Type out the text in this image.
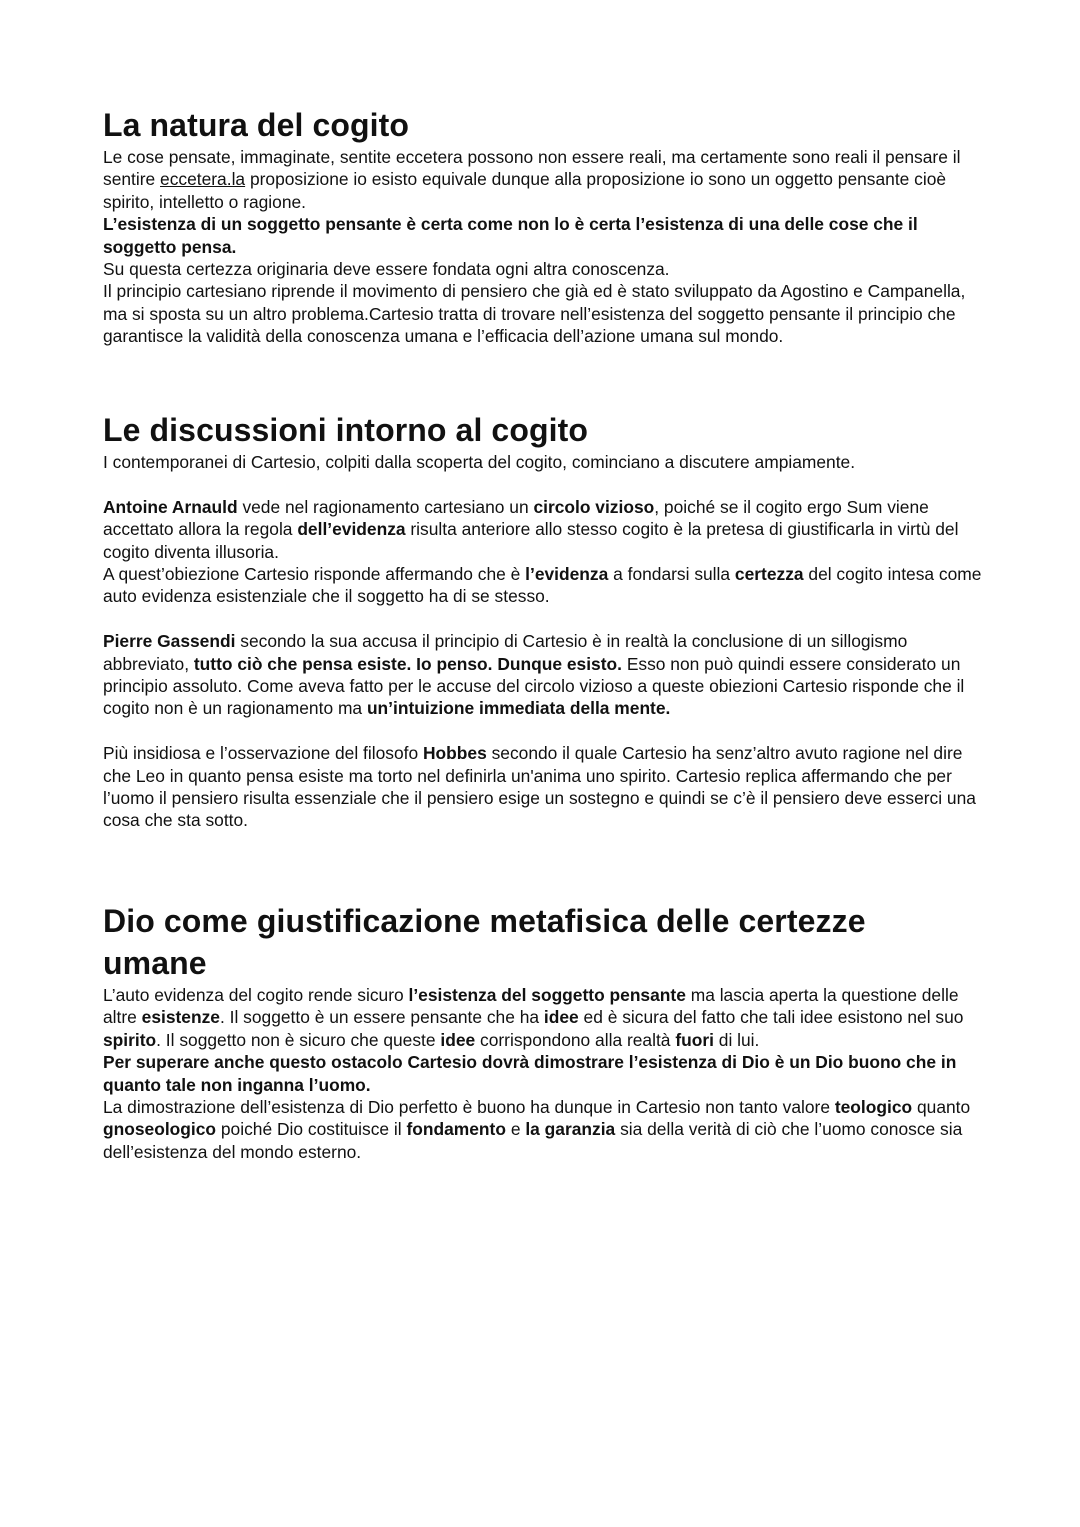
La natura del cogito

Le cose pensate, immaginate, sentite eccetera possono non essere reali, ma certamente sono reali il pensare il sentire eccetera.la proposizione io esisto equivale dunque alla proposizione io sono un oggetto pensante cioè spirito, intelletto o ragione.

L’esistenza di un soggetto pensante è certa come non lo è certa l’esistenza di una delle cose che il soggetto pensa.

Su questa certezza originaria deve essere fondata ogni altra conoscenza.

Il principio cartesiano riprende il movimento di pensiero che già ed è stato sviluppato da Agostino e Campanella, ma si sposta su un altro problema.Cartesio tratta di trovare nell’esistenza del soggetto pensante il principio che garantisce la validità della conoscenza umana e l’efficacia dell’azione umana sul mondo.

Le discussioni intorno al cogito

I contemporanei di Cartesio, colpiti dalla scoperta del cogito, cominciano a discutere ampiamente.

Antoine Arnauld vede nel ragionamento cartesiano un circolo vizioso, poiché se il cogito ergo Sum viene accettato allora la regola dell’evidenza risulta anteriore allo stesso cogito è la pretesa di giustificarla in virtù del cogito diventa illusoria.

A quest’obiezione Cartesio risponde affermando che è l’evidenza a fondarsi sulla certezza del cogito intesa come auto evidenza esistenziale che il soggetto ha di se stesso.

Pierre Gassendi secondo la sua accusa il principio di Cartesio è in realtà la conclusione di un sillogismo abbreviato, tutto ciò che pensa esiste. Io penso. Dunque esisto. Esso non può quindi essere considerato un principio assoluto. Come aveva fatto per le accuse del circolo vizioso a queste obiezioni Cartesio risponde che il cogito non è un ragionamento ma un’intuizione immediata della mente.

Più insidiosa e l’osservazione del filosofo Hobbes secondo il quale Cartesio ha senz’altro avuto ragione nel dire che Leo in quanto pensa esiste ma torto nel definirla un'anima uno spirito. Cartesio replica affermando che per l’uomo il pensiero risulta essenziale che il pensiero esige un sostegno e quindi se c’è il pensiero deve esserci una cosa che sta sotto.

Dio come giustificazione metafisica delle certezze umane

L’auto evidenza del cogito rende sicuro l’esistenza del soggetto pensante ma lascia aperta la questione delle altre esistenze. Il soggetto è un essere pensante che ha idee ed è sicura del fatto che tali idee esistono nel suo spirito. Il soggetto non è sicuro che queste idee corrispondono alla realtà fuori di lui.

Per superare anche questo ostacolo Cartesio dovrà dimostrare l’esistenza di Dio è un Dio buono che in quanto tale non inganna l’uomo.

La dimostrazione dell’esistenza di Dio perfetto è buono ha dunque in Cartesio non tanto valore teologico quanto gnoseologico poiché Dio costituisce il fondamento e la garanzia sia della verità di ciò che l’uomo conosce sia dell’esistenza del mondo esterno.
